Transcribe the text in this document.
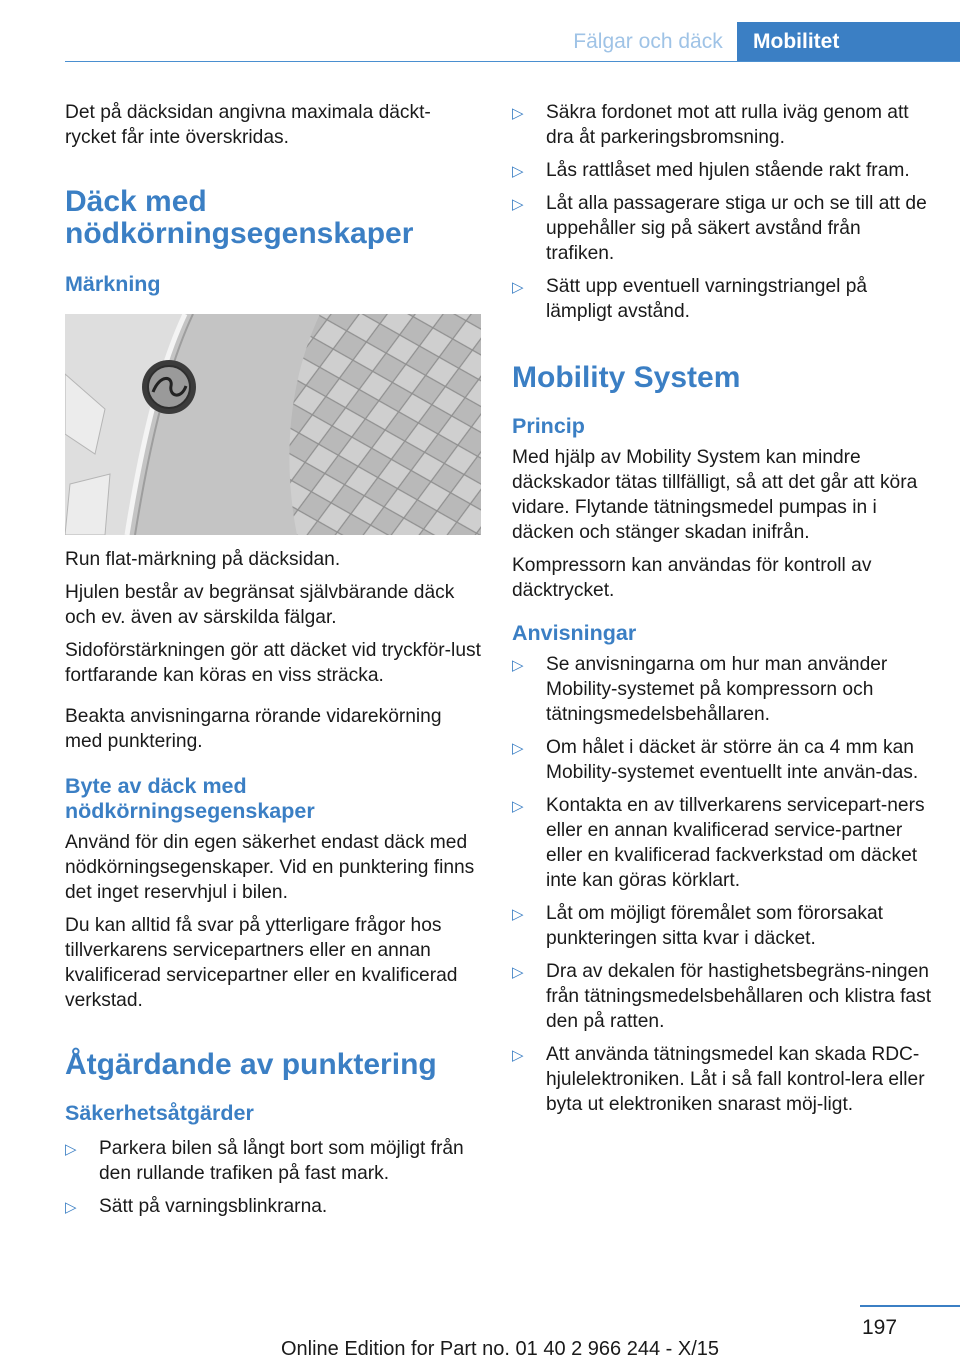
Fälgar och däck	Mobilitet

Det på däcksidan angivna maximala däckt-rycket får inte överskridas.

Däck med nödkörningsegenskaper
Märkning

Run flat-märkning på däcksidan.

Hjulen består av begränsat självbärande däck och ev. även av särskilda fälgar.

Sidoförstärkningen gör att däcket vid tryckför-lust fortfarande kan köras en viss sträcka.

Beakta anvisningarna rörande vidarekörning med punktering.

Byte av däck med nödkörningsegenskaper

Använd för din egen säkerhet endast däck med nödkörningsegenskaper. Vid en punktering finns det inget reservhjul i bilen.

Du kan alltid få svar på ytterligare frågor hos tillverkarens servicepartners eller en annan kvalificerad servicepartner eller en kvalificerad verkstad.

Åtgärdande av punktering
Säkerhetsåtgärder
▷ Parkera bilen så långt bort som möjligt från den rullande trafiken på fast mark.
▷ Sätt på varningsblinkrarna.
▷ Säkra fordonet mot att rulla iväg genom att dra åt parkeringsbromsning.
▷ Lås rattlåset med hjulen stående rakt fram.
▷ Låt alla passagerare stiga ur och se till att de uppehåller sig på säkert avstånd från trafiken.
▷ Sätt upp eventuell varningstriangel på lämpligt avstånd.
Mobility System
Princip

Med hjälp av Mobility System kan mindre däckskador tätas tillfälligt, så att det går att köra vidare. Flytande tätningsmedel pumpas in i däcken och stänger skadan inifrån.

Kompressorn kan användas för kontroll av däcktrycket.

Anvisningar
▷ Se anvisningarna om hur man använder Mobility-systemet på kompressorn och tätningsmedelsbehållaren.
▷ Om hålet i däcket är större än ca 4 mm kan Mobility-systemet eventuellt inte använ-das.
▷ Kontakta en av tillverkarens servicepart-ners eller en annan kvalificerad service-partner eller en kvalificerad fackverkstad om däcket inte kan göras körklart.
▷ Låt om möjligt föremålet som förorsakat punkteringen sitta kvar i däcket.
▷ Dra av dekalen för hastighetsbegräns-ningen från tätningsmedelsbehållaren och klistra fast den på ratten.
▷ Att använda tätningsmedel kan skada RDC-hjulelektroniken. Låt i så fall kontrol-lera eller byta ut elektroniken snarast möj-ligt.
197
Online Edition for Part no. 01 40 2 966 244 - X/15
